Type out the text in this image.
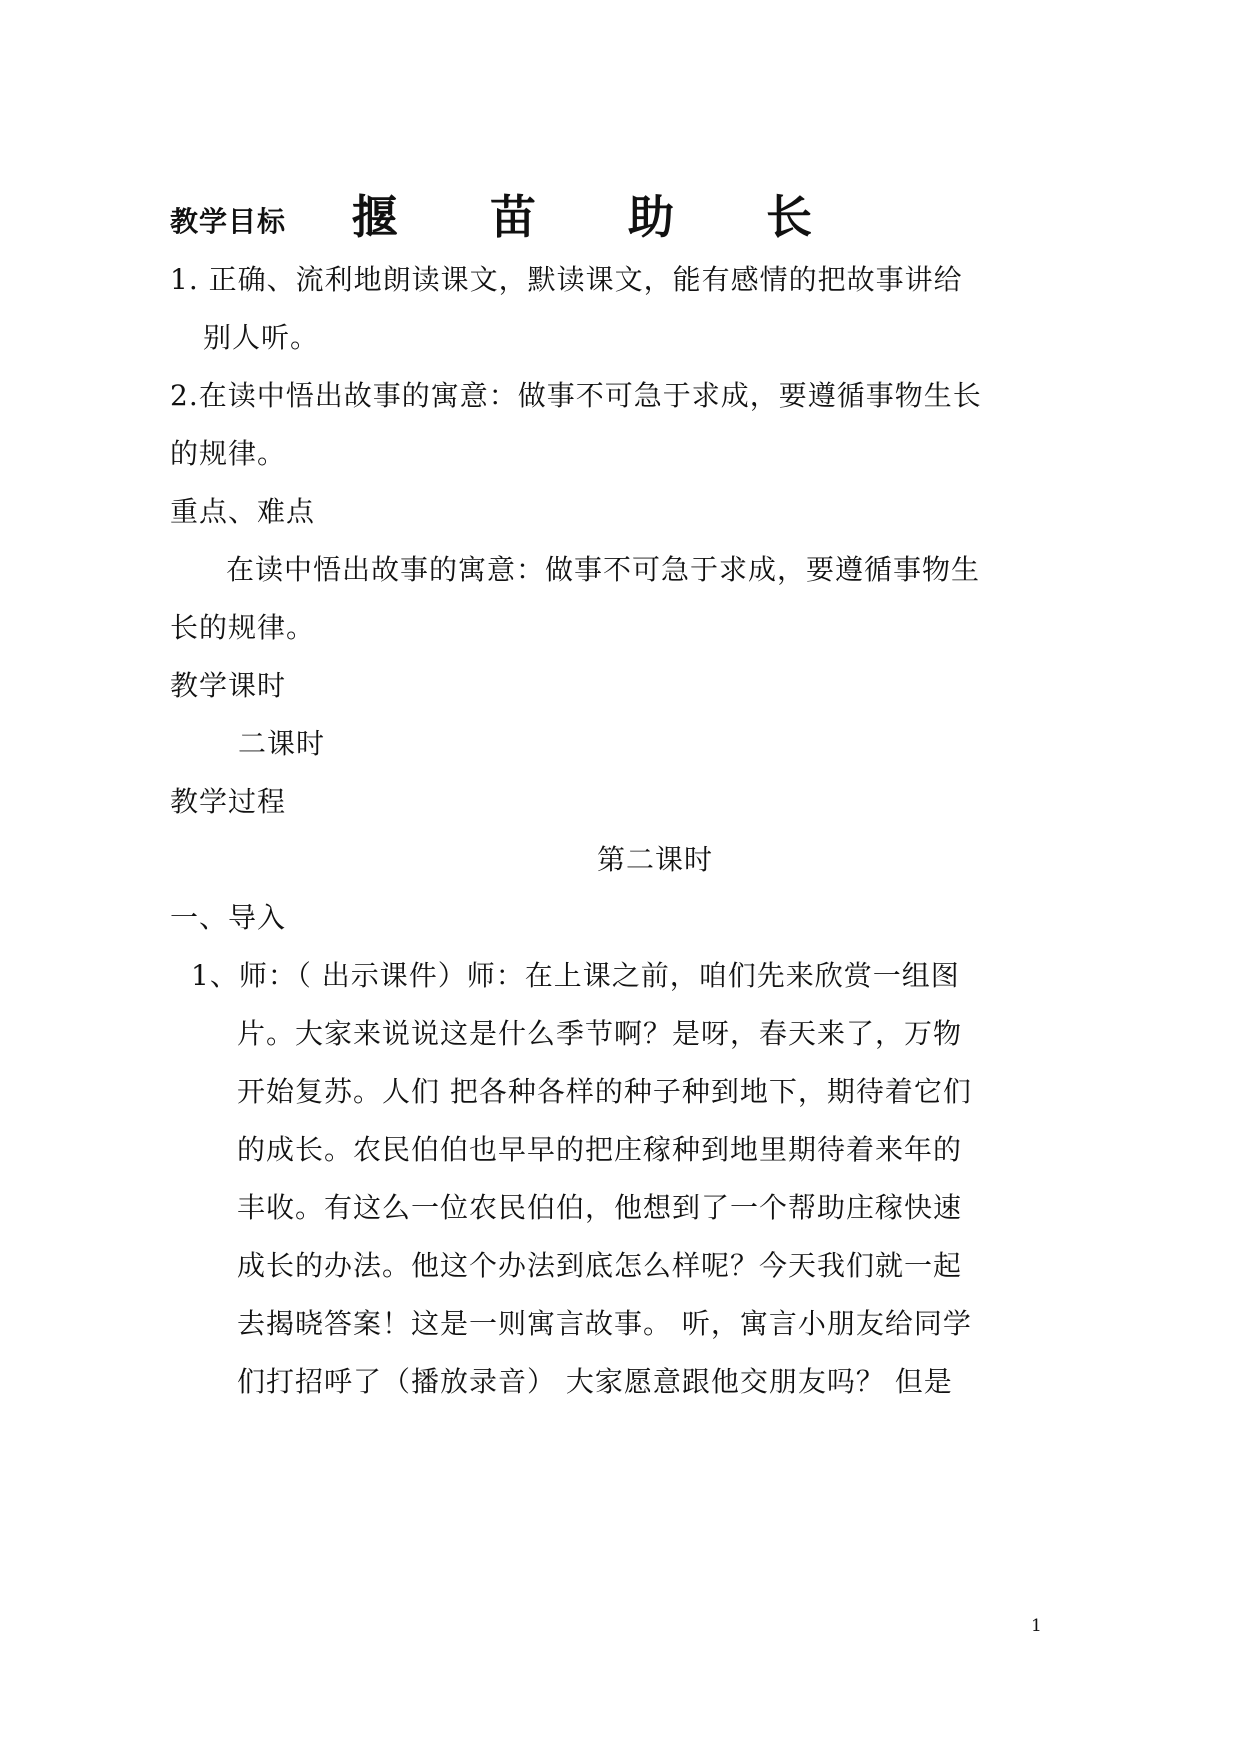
揠 苗 助 长
教学目标
1. 正确、流利地朗读课文，默读课文，能有感情的把故事讲给
别人听。
2.在读中悟出故事的寓意：做事不可急于求成，要遵循事物生长
的规律。
重点、难点
在读中悟出故事的寓意：做事不可急于求成，要遵循事物生
长的规律。
教学课时
二课时
教学过程
第二课时
一、导入
1、师：（ 出示课件）师：在上课之前，咱们先来欣赏一组图
片。大家来说说这是什么季节啊？是呀，春天来了，万物
开始复苏。人们 把各种各样的种子种到地下，期待着它们
的成长。农民伯伯也早早的把庄稼种到地里期待着来年的
丰收。有这么一位农民伯伯，他想到了一个帮助庄稼快速
成长的办法。他这个办法到底怎么样呢？今天我们就一起
去揭晓答案！这是一则寓言故事。 听，寓言小朋友给同学
们打招呼了（播放录音） 大家愿意跟他交朋友吗？ 但是
1
